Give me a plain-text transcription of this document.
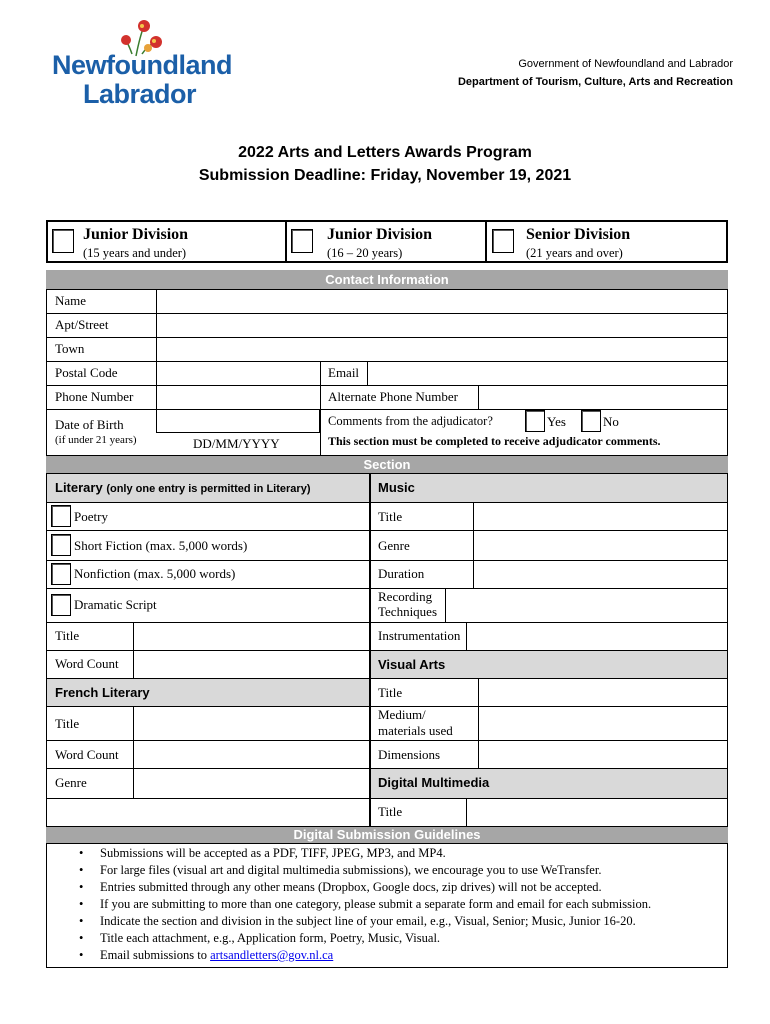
Newfoundland
Labrador
Government of Newfoundland and Labrador
Department of Tourism, Culture, Arts and Recreation
2022 Arts and Letters Awards Program
Submission Deadline: Friday, November 19, 2021
Junior Division
(15 years and under)
Junior Division
(16 – 20 years)
Senior Division
(21 years and over)
Contact Information
Name
Apt/Street
Town
Postal Code	Email
Phone Number	Alternate Phone Number
Date of Birth
(if under 21 years)	DD/MM/YYYY
Comments from the adjudicator?	Yes	No
This section must be completed to receive adjudicator comments.
Section
Literary (only one entry is permitted in Literary)
Poetry
Short Fiction (max. 5,000 words)
Nonfiction (max. 5,000 words)
Dramatic Script
Title
Word Count
French Literary
Title
Word Count
Genre
Music
Title
Genre
Duration
Recording
Techniques
Instrumentation
Visual Arts
Title
Medium/
materials used
Dimensions
Digital Multimedia
Title
Digital Submission Guidelines
• Submissions will be accepted as a PDF, TIFF, JPEG, MP3, and MP4.
• For large files (visual art and digital multimedia submissions), we encourage you to use WeTransfer.
• Entries submitted through any other means (Dropbox, Google docs, zip drives) will not be accepted.
• If you are submitting to more than one category, please submit a separate form and email for each submission.
• Indicate the section and division in the subject line of your email, e.g., Visual, Senior; Music, Junior 16-20.
• Title each attachment, e.g., Application form, Poetry, Music, Visual.
• Email submissions to artsandletters@gov.nl.ca
